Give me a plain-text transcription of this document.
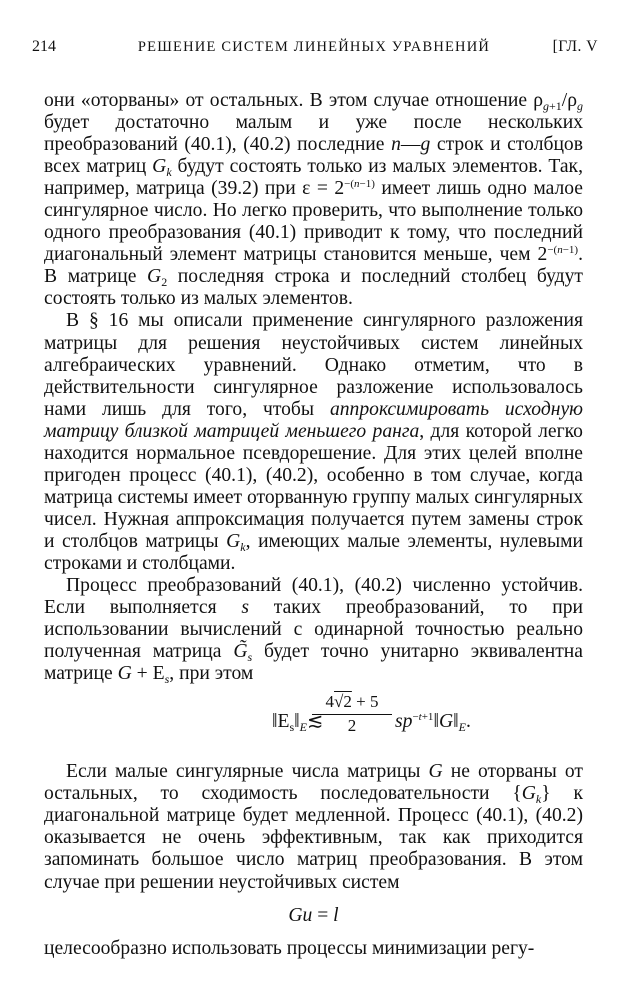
214	РЕШЕНИЕ СИСТЕМ ЛИНЕЙНЫХ УРАВНЕНИЙ	[ГЛ. V

они «оторваны» от остальных. В этом случае отношение $\rho_{g+1}/\rho_g$ будет достаточно малым и уже после нескольких преобразований (40.1), (40.2) последние n—g строк и столбцов всех матриц $G_k$ будут состоять только из малых элементов. Так, например, матрица (39.2) при $\varepsilon = 2^{-(n-1)}$ имеет лишь одно малое сингулярное число. Но легко проверить, что выполнение только одного преобразования (40.1) приводит к тому, что последний диагональный элемент матрицы становится меньше, чем $2^{-(n-1)}$. В матрице $G_2$ последняя строка и последний столбец будут состоять только из малых элементов.

В § 16 мы описали применение сингулярного разложения матрицы для решения неустойчивых систем линейных алгебраических уравнений. Однако отметим, что в действительности сингулярное разложение использовалось нами лишь для того, чтобы аппроксимировать исходную матрицу близкой матрицей меньшего ранга, для которой легко находится нормальное псевдорешение. Для этих целей вполне пригоден процесс (40.1), (40.2), особенно в том случае, когда матрица системы имеет оторванную группу малых сингулярных чисел. Нужная аппроксимация получается путем замены строк и столбцов матрицы $G_k$, имеющих малые элементы, нулевыми строками и столбцами.

Процесс преобразований (40.1), (40.2) численно устойчив. Если выполняется s таких преобразований, то при использовании вычислений с одинарной точностью реально полученная матрица $G̃_s$ будет точно унитарно эквивалентна матрице $G + E_s$, при этом

$‖E_s‖_E≲$
$\frac{4√2 + 5}{2}$ $sp^{-t+1}‖G‖_E$.

Если малые сингулярные числа матрицы G не оторваны от остальных, то сходимость последовательности $\{G_k\}$ к диагональной матрице будет медленной. Процесс (40.1), (40.2) оказывается не очень эффективным, так как приходится запоминать большое число матриц преобразования. В этом случае при решении неустойчивых систем

Gu = l

целесообразно использовать процессы минимизации регу-
